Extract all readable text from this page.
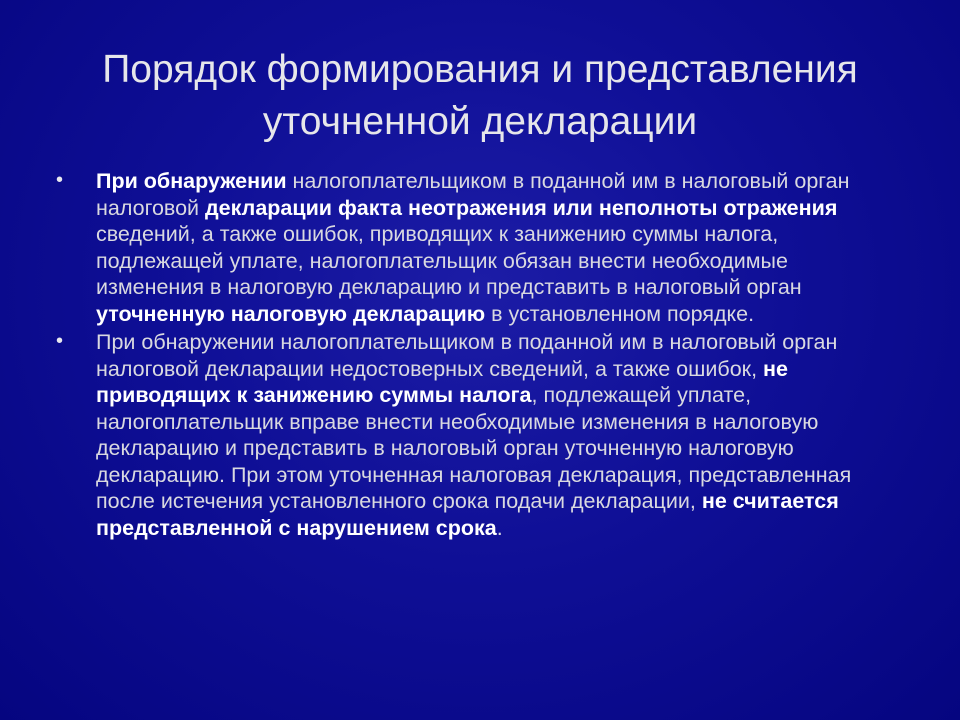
Порядок формирования и представления
уточненной декларации
• При обнаружении налогоплательщиком в поданной им в налоговый орган налоговой декларации факта неотражения или неполноты отражения сведений, а также ошибок, приводящих к занижению суммы налога, подлежащей уплате, налогоплательщик обязан внести необходимые изменения в налоговую декларацию и представить в налоговый орган уточненную налоговую декларацию в установленном порядке.
• При обнаружении налогоплательщиком в поданной им в налоговый орган налоговой декларации недостоверных сведений, а также ошибок, не приводящих к занижению суммы налога, подлежащей уплате, налогоплательщик вправе внести необходимые изменения в налоговую декларацию и представить в налоговый орган уточненную налоговую декларацию. При этом уточненная налоговая декларация, представленная после истечения установленного срока подачи декларации, не считается представленной с нарушением срока.
